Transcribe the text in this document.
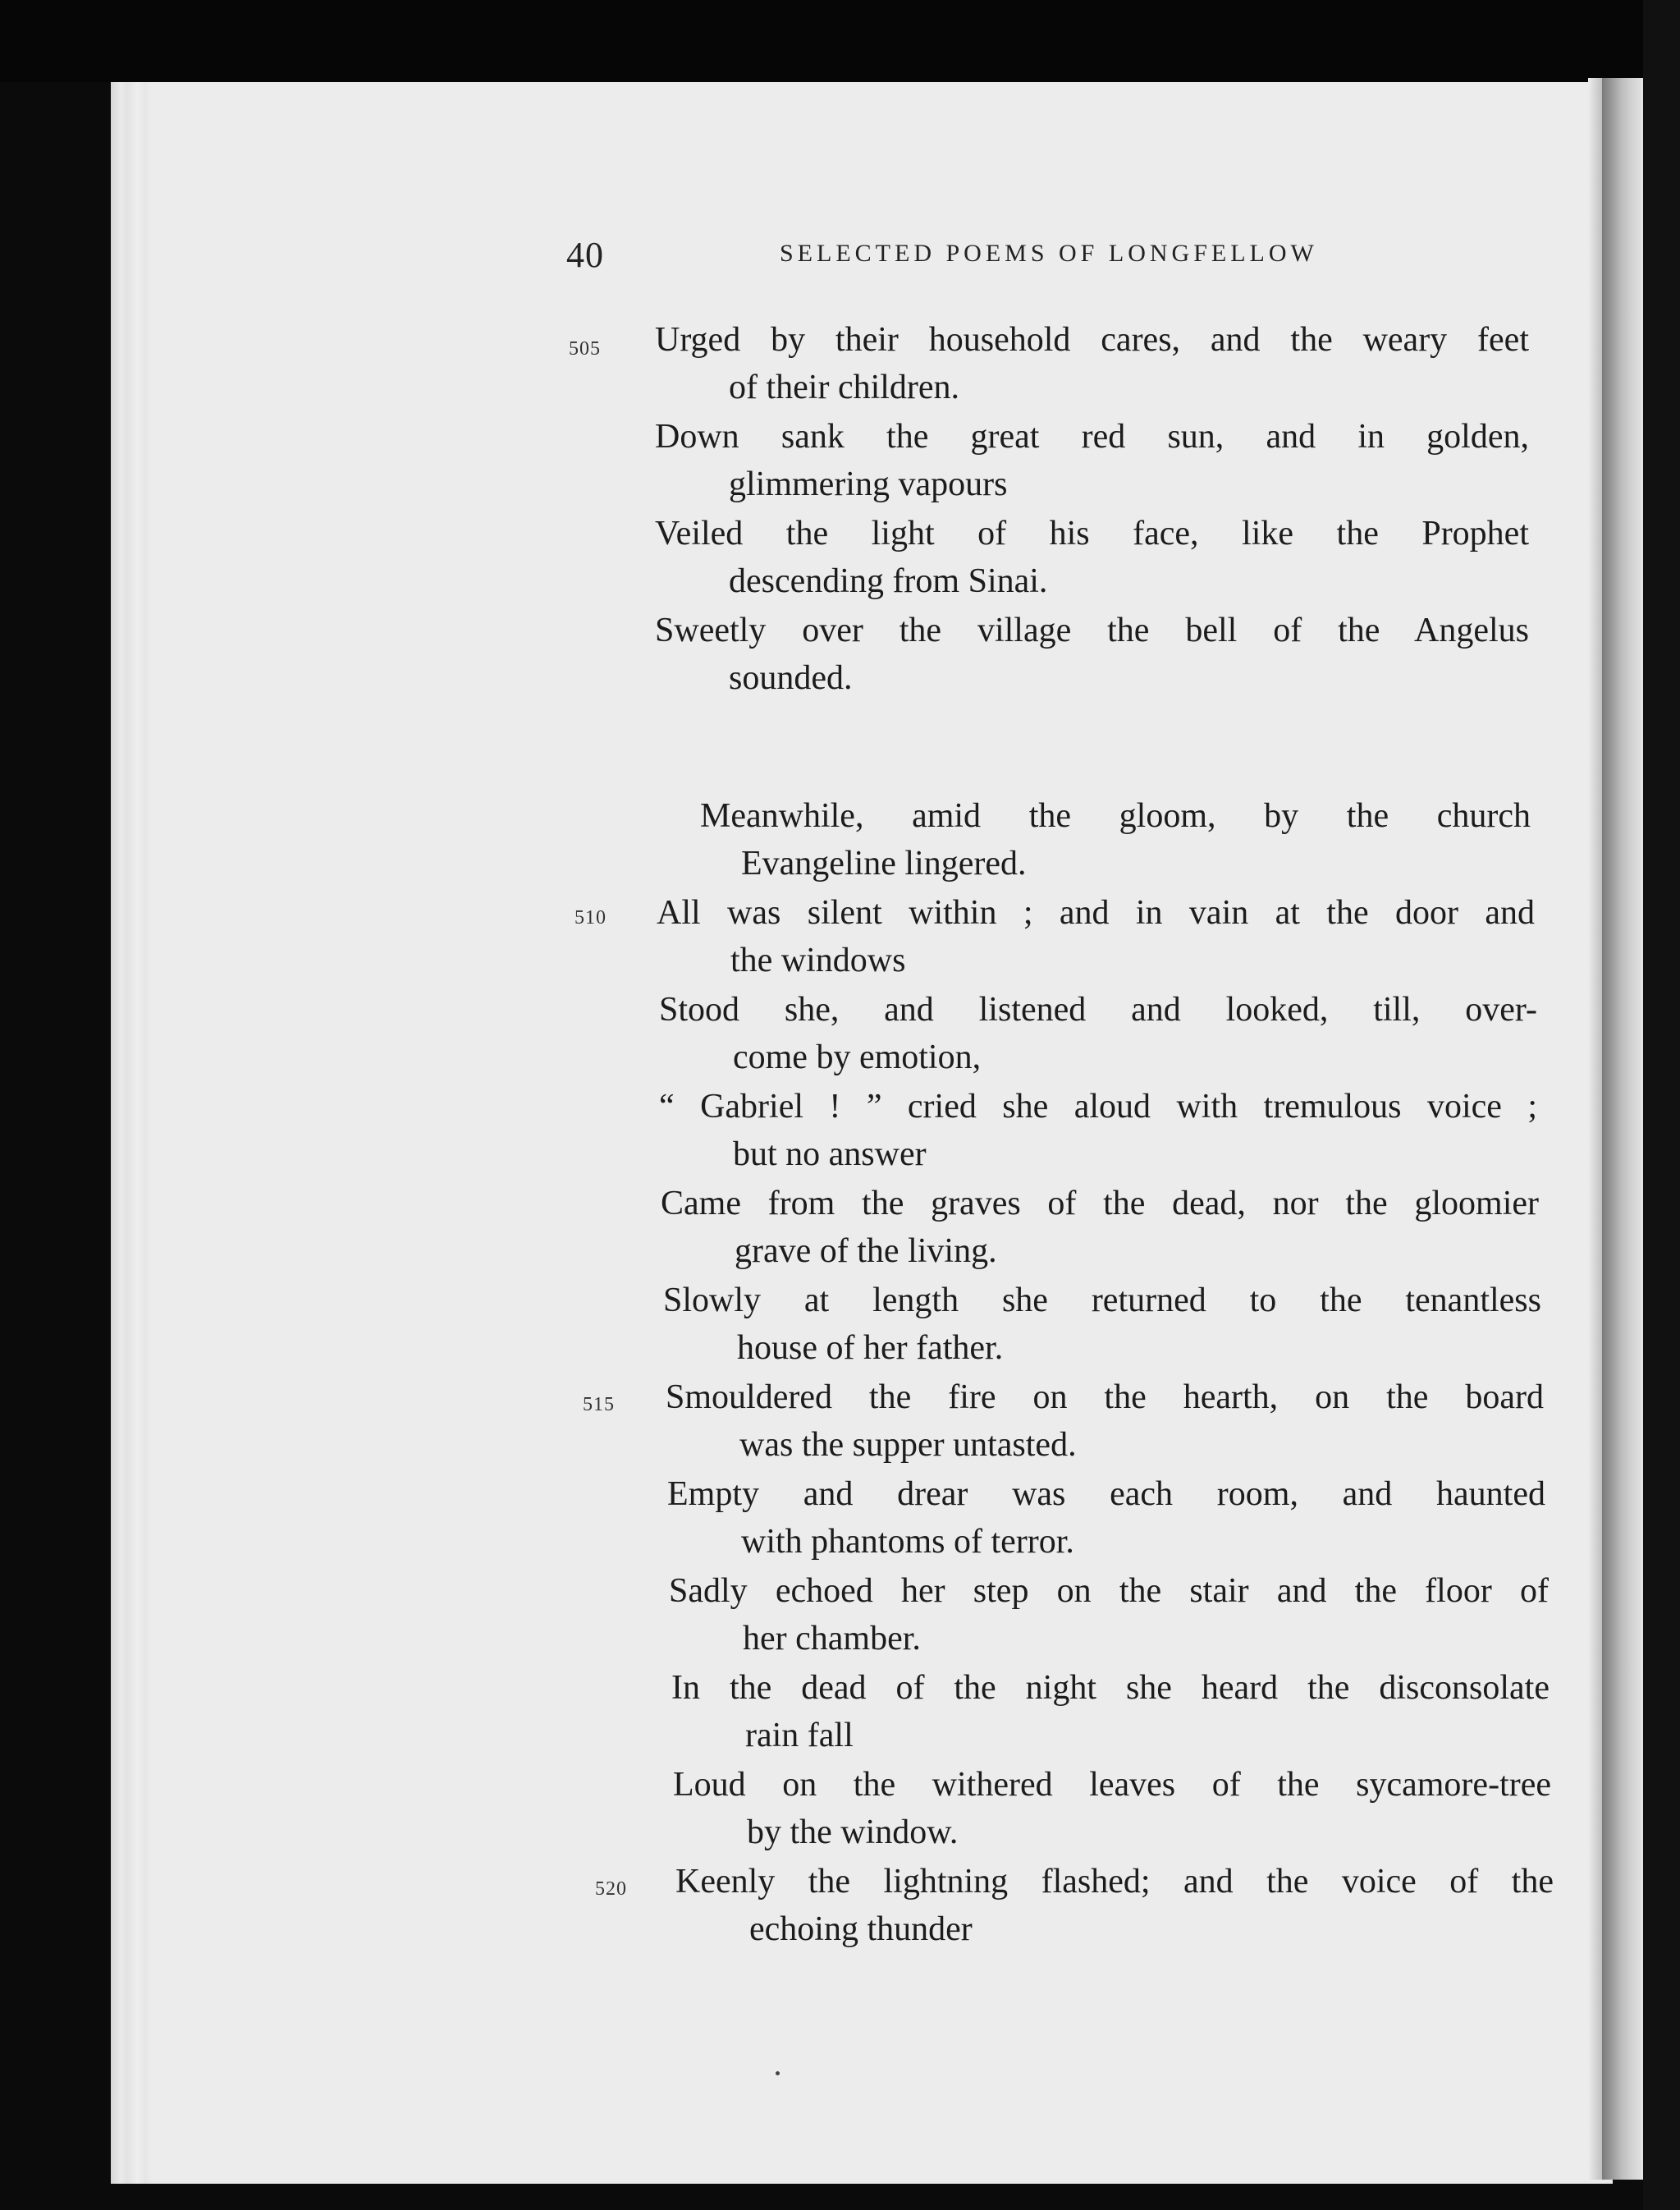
40	SELECTED POEMS OF LONGFELLOW
505
510
515
520
Urged by their household cares, and the weary feet
of their children.
Down sank the great red sun, and in golden,
glimmering vapours
Veiled the light of his face, like the Prophet
descending from Sinai.
Sweetly over the village the bell of the Angelus
sounded.
Meanwhile, amid the gloom, by the church
Evangeline lingered.
All was silent within ; and in vain at the door and
the windows
Stood she, and listened and looked, till, over-
come by emotion,
“ Gabriel ! ” cried she aloud with tremulous voice ;
but no answer
Came from the graves of the dead, nor the gloomier
grave of the living.
Slowly at length she returned to the tenantless
house of her father.
Smouldered the fire on the hearth, on the board
was the supper untasted.
Empty and drear was each room, and haunted
with phantoms of terror.
Sadly echoed her step on the stair and the floor of
her chamber.
In the dead of the night she heard the disconsolate
rain fall
Loud on the withered leaves of the sycamore-tree
by the window.
Keenly the lightning flashed; and the voice of the
echoing thunder
